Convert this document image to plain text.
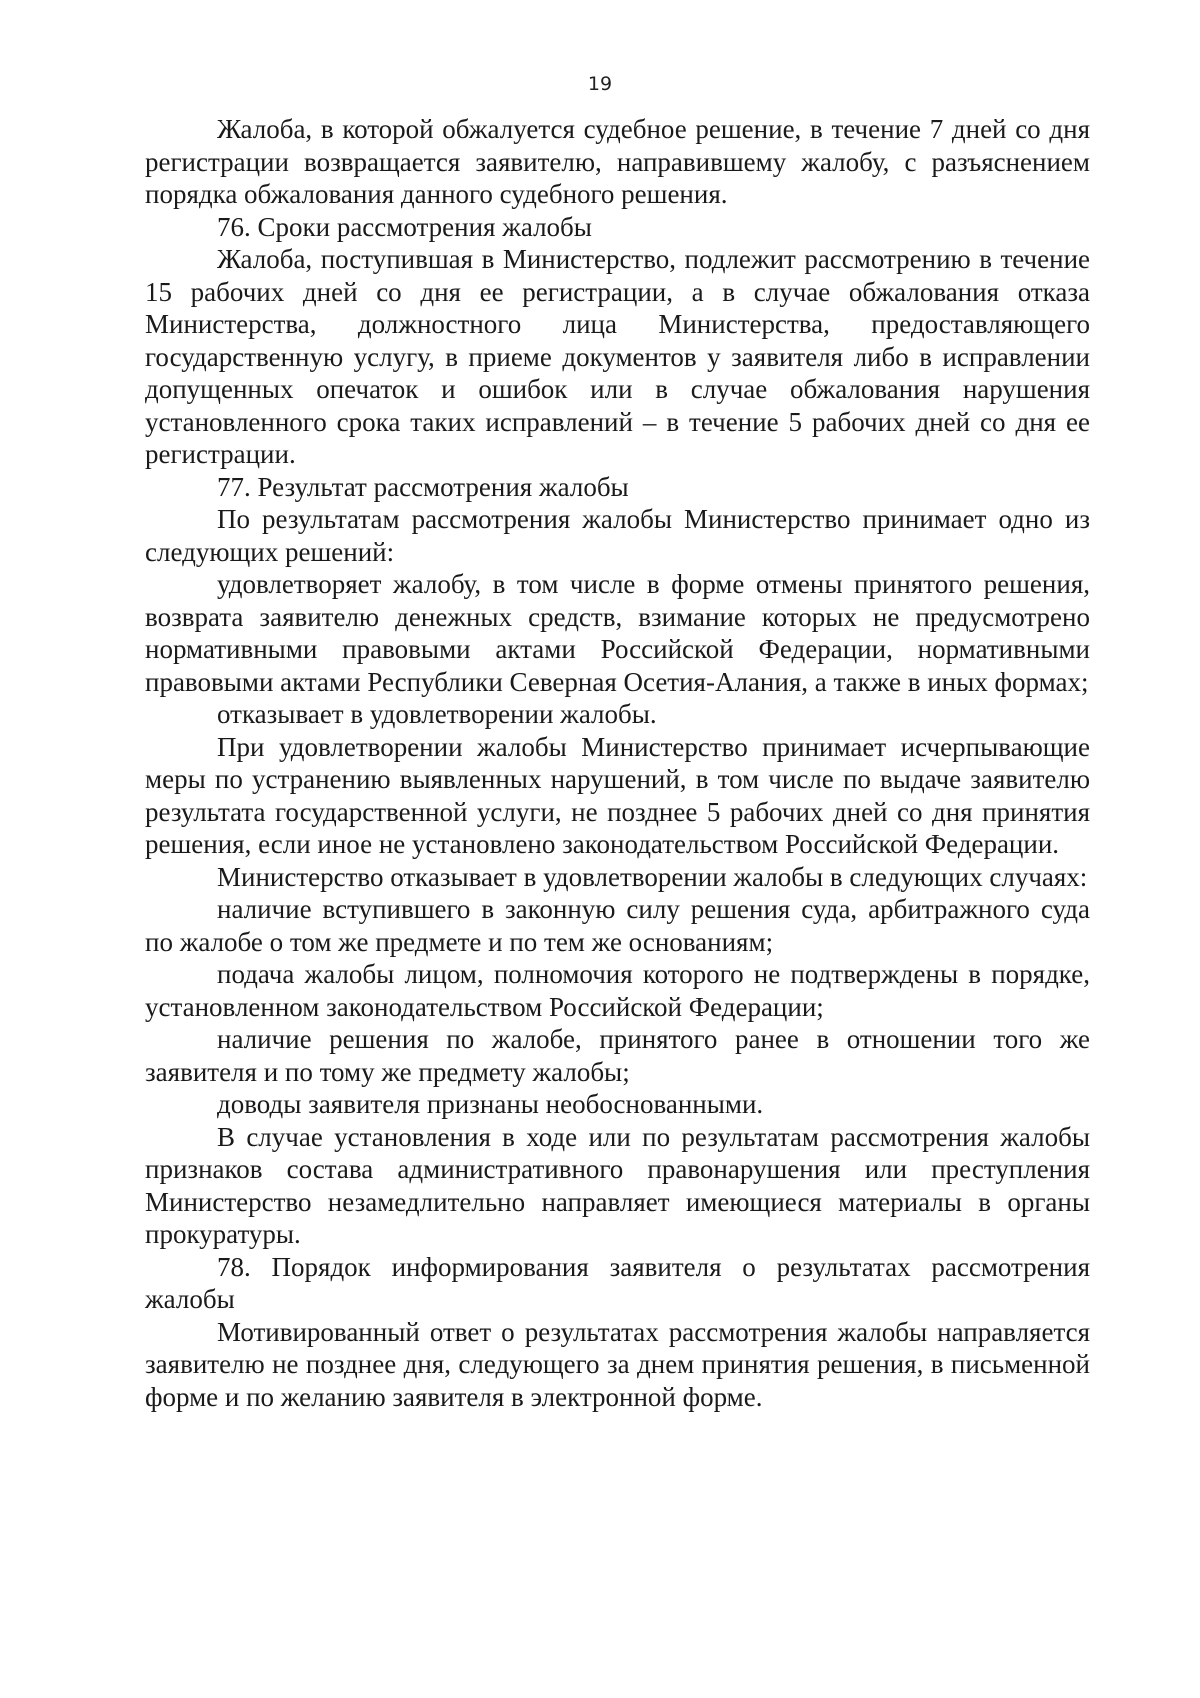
19

Жалоба, в которой обжалуется судебное решение, в течение 7 дней со дня регистрации возвращается заявителю, направившему жалобу, с разъяснением порядка обжалования данного судебного решения.

76. Сроки рассмотрения жалобы

Жалоба, поступившая в Министерство, подлежит рассмотрению в течение 15 рабочих дней со дня ее регистрации, а в случае обжалования отказа Министерства, должностного лица Министерства, предоставляющего государственную услугу, в приеме документов у заявителя либо в исправлении допущенных опечаток и ошибок или в случае обжалования нарушения установленного срока таких исправлений – в течение 5 рабочих дней со дня ее регистрации.

77. Результат рассмотрения жалобы

По результатам рассмотрения жалобы Министерство принимает одно из следующих решений:

удовлетворяет жалобу, в том числе в форме отмены принятого решения, возврата заявителю денежных средств, взимание которых не предусмотрено нормативными правовыми актами Российской Федерации, нормативными правовыми актами Республики Северная Осетия-Алания, а также в иных формах;

отказывает в удовлетворении жалобы.

При удовлетворении жалобы Министерство принимает исчерпывающие меры по устранению выявленных нарушений, в том числе по выдаче заявителю результата государственной услуги, не позднее 5 рабочих дней со дня принятия решения, если иное не установлено законодательством Российской Федерации.

Министерство отказывает в удовлетворении жалобы в следующих случаях:

наличие вступившего в законную силу решения суда, арбитражного суда по жалобе о том же предмете и по тем же основаниям;

подача жалобы лицом, полномочия которого не подтверждены в порядке, установленном законодательством Российской Федерации;

наличие решения по жалобе, принятого ранее в отношении того же заявителя и по тому же предмету жалобы;

доводы заявителя признаны необоснованными.

В случае установления в ходе или по результатам рассмотрения жалобы признаков состава административного правонарушения или преступления Министерство незамедлительно направляет имеющиеся материалы в органы прокуратуры.

78. Порядок информирования заявителя о результатах рассмотрения жалобы

Мотивированный ответ о результатах рассмотрения жалобы направляется заявителю не позднее дня, следующего за днем принятия решения, в письменной форме и по желанию заявителя в электронной форме.
